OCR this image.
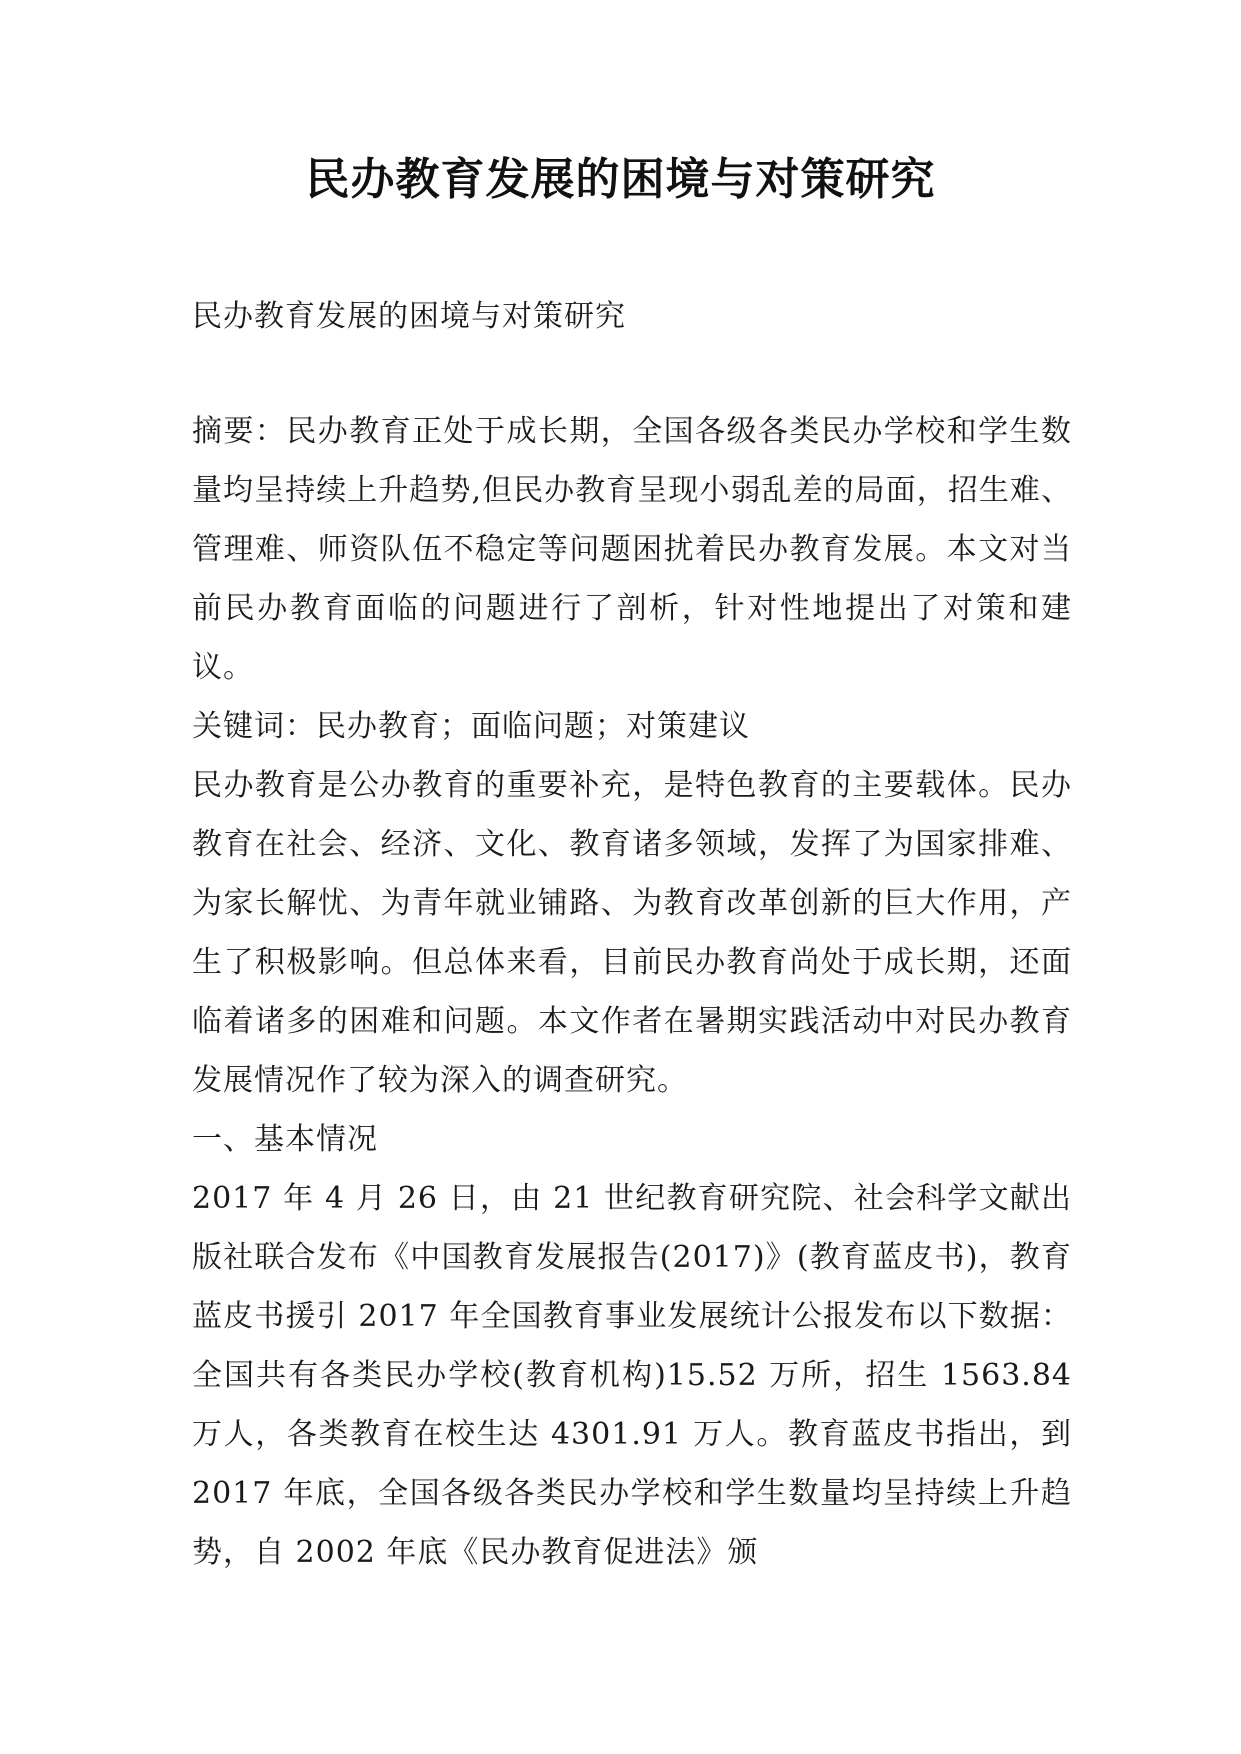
民办教育发展的困境与对策研究
民办教育发展的困境与对策研究

摘要：民办教育正处于成长期，全国各级各类民办学校和学生数量均呈持续上升趋势,但民办教育呈现小弱乱差的局面，招生难、管理难、师资队伍不稳定等问题困扰着民办教育发展。本文对当前民办教育面临的问题进行了剖析，针对性地提出了对策和建议。

关键词：民办教育；面临问题；对策建议

民办教育是公办教育的重要补充，是特色教育的主要载体。民办教育在社会、经济、文化、教育诸多领域，发挥了为国家排难、为家长解忧、为青年就业铺路、为教育改革创新的巨大作用，产生了积极影响。但总体来看，目前民办教育尚处于成长期，还面临着诸多的困难和问题。本文作者在暑期实践活动中对民办教育发展情况作了较为深入的调查研究。

一、基本情况

2017 年 4 月 26 日，由 21 世纪教育研究院、社会科学文献出版社联合发布《中国教育发展报告(2017)》(教育蓝皮书)，教育蓝皮书援引 2017 年全国教育事业发展统计公报发布以下数据：全国共有各类民办学校(教育机构)15.52 万所，招生 1563.84 万人，各类教育在校生达 4301.91 万人。教育蓝皮书指出，到 2017 年底，全国各级各类民办学校和学生数量均呈持续上升趋势，自 2002 年底《民办教育促进法》颁
